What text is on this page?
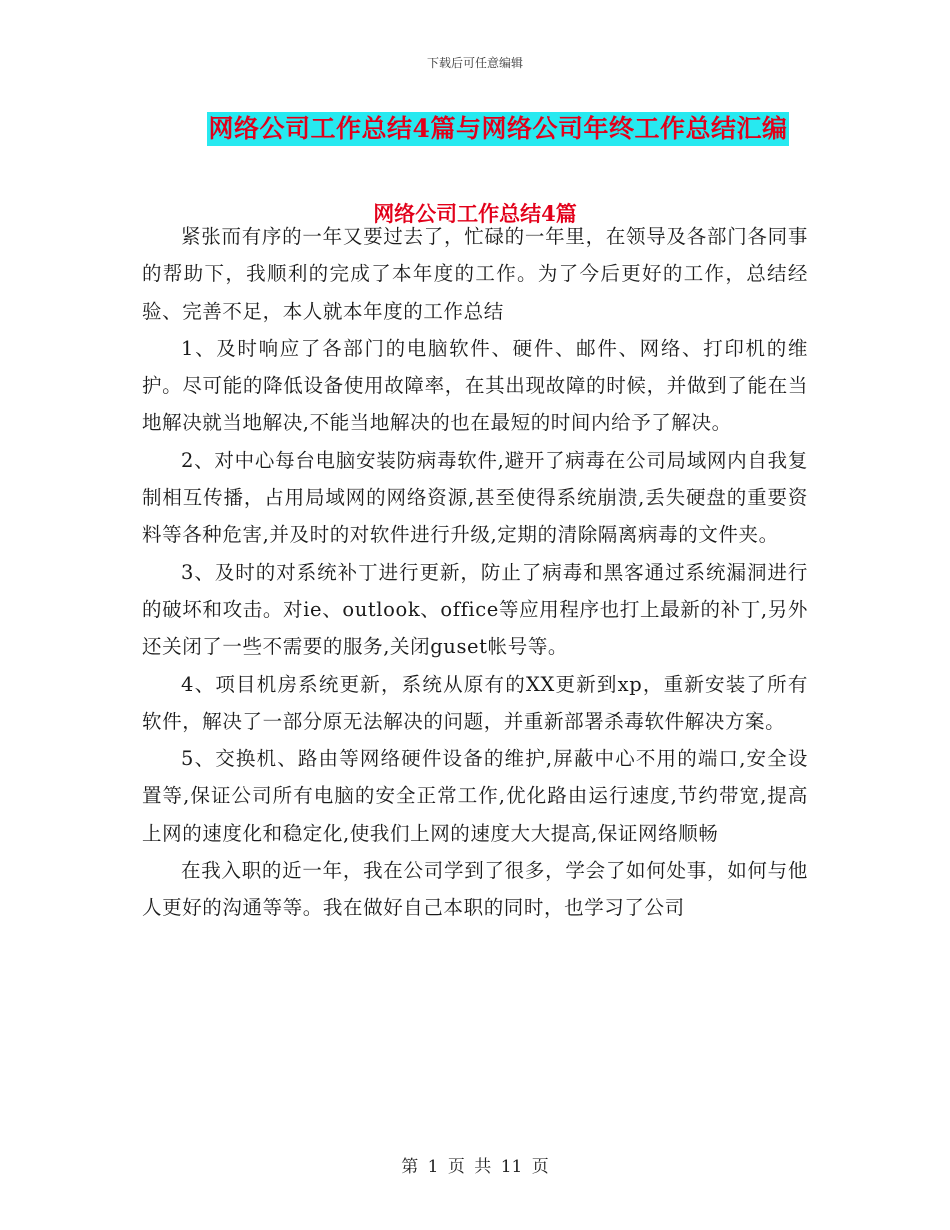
下载后可任意编辑
网络公司工作总结4篇与网络公司年终工作总结汇编
网络公司工作总结4篇

紧张而有序的一年又要过去了，忙碌的一年里，在领导及各部门各同事的帮助下，我顺利的完成了本年度的工作。为了今后更好的工作，总结经验、完善不足，本人就本年度的工作总结

1、及时响应了各部门的电脑软件、硬件、邮件、网络、打印机的维护。尽可能的降低设备使用故障率，在其出现故障的时候，并做到了能在当地解决就当地解决,不能当地解决的也在最短的时间内给予了解决。

2、对中心每台电脑安装防病毒软件,避开了病毒在公司局域网内自我复制相互传播，占用局域网的网络资源,甚至使得系统崩溃,丢失硬盘的重要资料等各种危害,并及时的对软件进行升级,定期的清除隔离病毒的文件夹。

3、及时的对系统补丁进行更新，防止了病毒和黑客通过系统漏洞进行的破坏和攻击。对ie、outlook、office等应用程序也打上最新的补丁,另外还关闭了一些不需要的服务,关闭guset帐号等。

4、项目机房系统更新，系统从原有的XX更新到xp，重新安装了所有软件，解决了一部分原无法解决的问题，并重新部署杀毒软件解决方案。

5、交换机、路由等网络硬件设备的维护,屏蔽中心不用的端口,安全设置等,保证公司所有电脑的安全正常工作,优化路由运行速度,节约带宽,提高上网的速度化和稳定化,使我们上网的速度大大提高,保证网络顺畅

在我入职的近一年，我在公司学到了很多，学会了如何处事，如何与他人更好的沟通等等。我在做好自己本职的同时，也学习了公司

第 1 页 共 11 页
